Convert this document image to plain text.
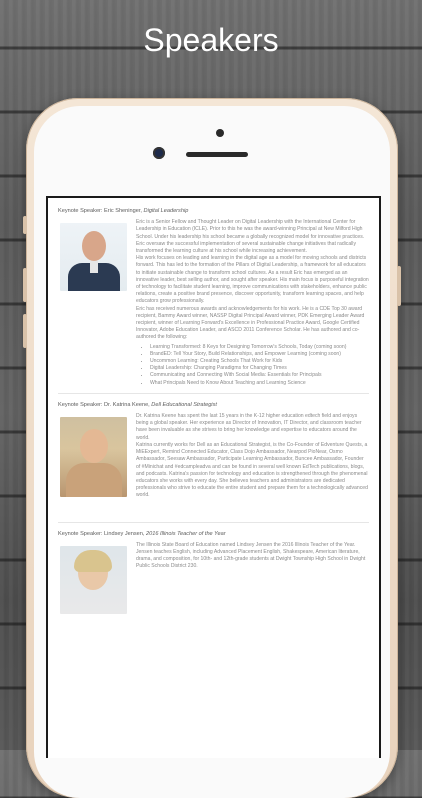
Speakers
Keynote Speaker: Eric Sheninger, Digital Leadership

Eric is a Senior Fellow and Thought Leader on Digital Leadership with the International Center for Leadership in Education (ICLE). Prior to this he was the award-winning Principal at New Milford High School. Under his leadership his school became a globally recognized model for innovative practices. Eric oversaw the successful implementation of several sustainable change initiatives that radically transformed the learning culture at his school while increasing achievement.

His work focuses on leading and learning in the digital age as a model for moving schools and districts forward. This has led to the formation of the Pillars of Digital Leadership, a framework for all educators to initiate sustainable change to transform school cultures. As a result Eric has emerged as an innovative leader, best selling author, and sought after speaker. His main focus is purposeful integration of technology to facilitate student learning, improve communications with stakeholders, enhance public relations, create a positive brand presence, discover opportunity, transform learning spaces, and help educators grow professionally.

Eric has received numerous awards and acknowledgements for his work. He is a CDE Top 30 award recipient, Bammy Award winner, NASSP Digital Principal Award winner, PDK Emerging Leader Award recipient, winner of Learning Forward's Excellence in Professional Practice Award, Google Certified Innovator, Adobe Education Leader, and ASCD 2011 Conference Scholar. He has authored and co-authored the following:

• Learning Transformed: 8 Keys for Designing Tomorrow's Schools, Today (coming soon)
• BrandED: Tell Your Story, Build Relationships, and Empower Learning (coming soon)
• Uncommon Learning: Creating Schools That Work for Kids
• Digital Leadership: Changing Paradigms for Changing Times
• Communicating and Connecting With Social Media: Essentials for Principals
• What Principals Need to Know About Teaching and Learning Science
Keynote Speaker: Dr. Katrina Keene, Dell Educational Strategist

Dr. Katrina Keene has spent the last 15 years in the K-12 higher education edtech field and enjoys being a global speaker. Her experience as Director of Innovation, IT Director, and classroom teacher have been invaluable as she strives to bring her knowledge and expertise to educators around the world.

Katrina currently works for Dell as an Educational Strategist, is the Co-Founder of Edventure Quests, a MiEExpert, Remind Connected Educator, Class Dojo Ambassador, Nearpod PioNear, Osmo Ambassador, Seesaw Ambassador, Participate Learning Ambassador, Buncee Ambassador, Founder of #Minichat and #edcampleadva and can be found in several well known EdTech publications, blogs, and podcasts. Katrina's passion for technology and education is strengthened through the phenomenal educators she works with every day. She believes teachers and administrators are dedicated professionals who strive to educate the entire student and prepare them for a technologically advanced world.

Keynote Speaker: Lindsey Jensen, 2016 Illinois Teacher of the Year

The Illinois State Board of Education named Lindsey Jensen the 2016 Illinois Teacher of the Year. Jensen teaches English, including Advanced Placement English, Shakespeare, American literature, drama, and composition, for 10th- and 12th-grade students at Dwight Township High School in Dwight Public Schools District 230.
